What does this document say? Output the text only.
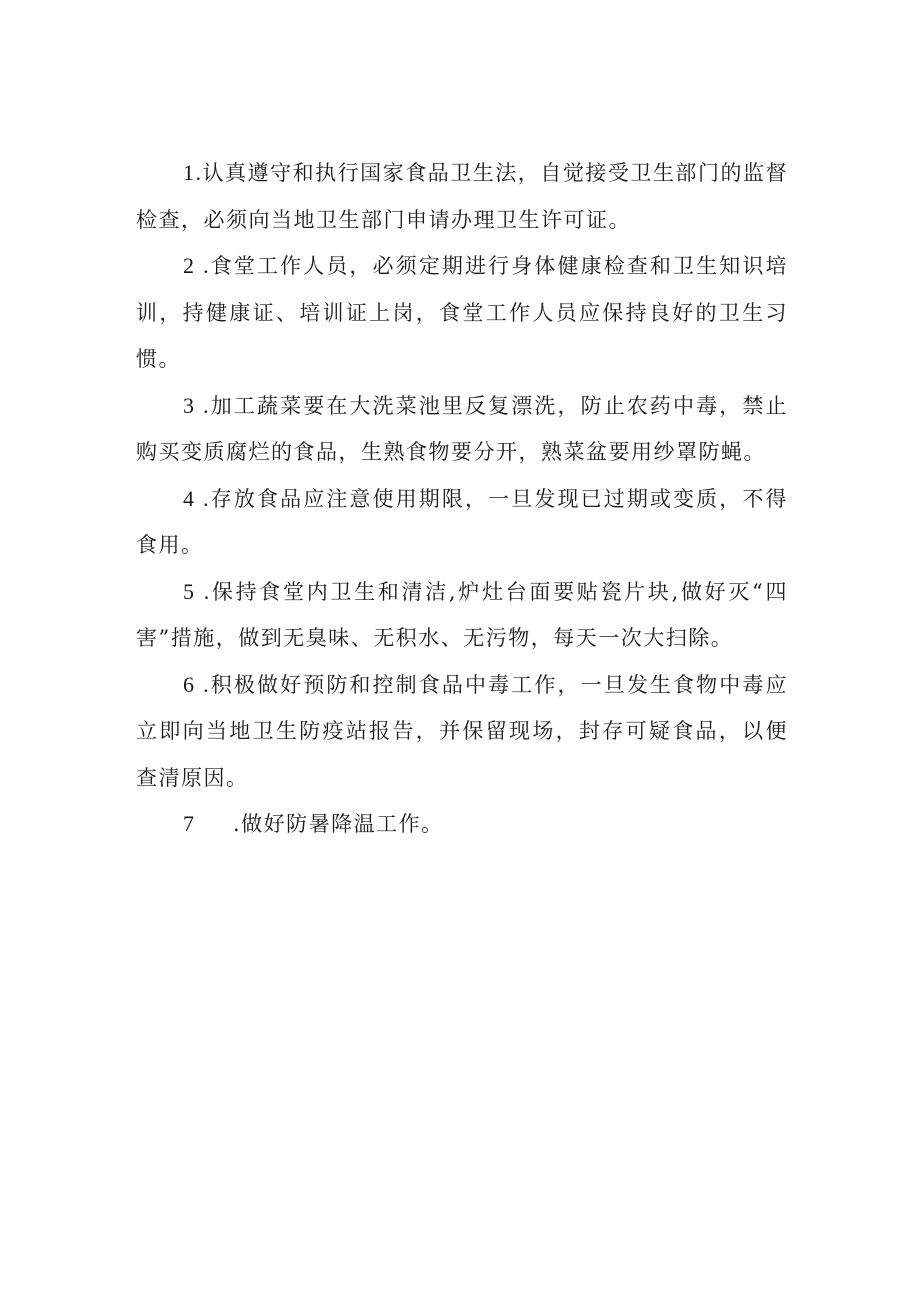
1.认真遵守和执行国家食品卫生法，自觉接受卫生部门的监督检查，必须向当地卫生部门申请办理卫生许可证。

2 .食堂工作人员，必须定期进行身体健康检查和卫生知识培训，持健康证、培训证上岗，食堂工作人员应保持良好的卫生习惯。

3 .加工蔬菜要在大洗菜池里反复漂洗，防止农药中毒，禁止购买变质腐烂的食品，生熟食物要分开，熟菜盆要用纱罩防蝇。

4 .存放食品应注意使用期限，一旦发现已过期或变质，不得食用。

5 .保持食堂内卫生和清洁,炉灶台面要贴瓷片块,做好灭“四害”措施，做到无臭味、无积水、无污物，每天一次大扫除。

6 .积极做好预防和控制食品中毒工作，一旦发生食物中毒应立即向当地卫生防疫站报告，并保留现场，封存可疑食品，以便查清原因。

7 .做好防暑降温工作。
